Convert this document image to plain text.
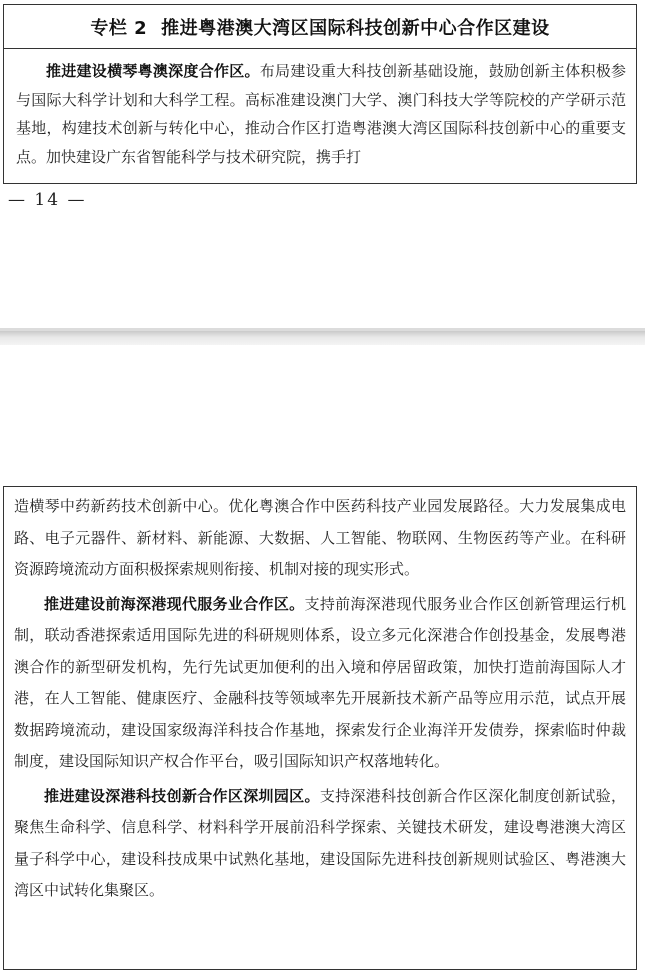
专栏 2 推进粤港澳大湾区国际科技创新中心合作区建设

推进建设横琴粤澳深度合作区。布局建设重大科技创新基础设施，鼓励创新主体积极参与国际大科学计划和大科学工程。高标准建设澳门大学、澳门科技大学等院校的产学研示范基地，构建技术创新与转化中心，推动合作区打造粤港澳大湾区国际科技创新中心的重要支点。加快建设广东省智能科学与技术研究院，携手打

— 14 —

造横琴中药新药技术创新中心。优化粤澳合作中医药科技产业园发展路径。大力发展集成电路、电子元器件、新材料、新能源、大数据、人工智能、物联网、生物医药等产业。在科研资源跨境流动方面积极探索规则衔接、机制对接的现实形式。

推进建设前海深港现代服务业合作区。支持前海深港现代服务业合作区创新管理运行机制，联动香港探索适用国际先进的科研规则体系，设立多元化深港合作创投基金，发展粤港澳合作的新型研发机构，先行先试更加便利的出入境和停居留政策，加快打造前海国际人才港，在人工智能、健康医疗、金融科技等领域率先开展新技术新产品等应用示范，试点开展数据跨境流动，建设国家级海洋科技合作基地，探索发行企业海洋开发债券，探索临时仲裁制度，建设国际知识产权合作平台，吸引国际知识产权落地转化。

推进建设深港科技创新合作区深圳园区。支持深港科技创新合作区深化制度创新试验，聚焦生命科学、信息科学、材料科学开展前沿科学探索、关键技术研发，建设粤港澳大湾区量子科学中心，建设科技成果中试熟化基地，建设国际先进科技创新规则试验区、粤港澳大湾区中试转化集聚区。
